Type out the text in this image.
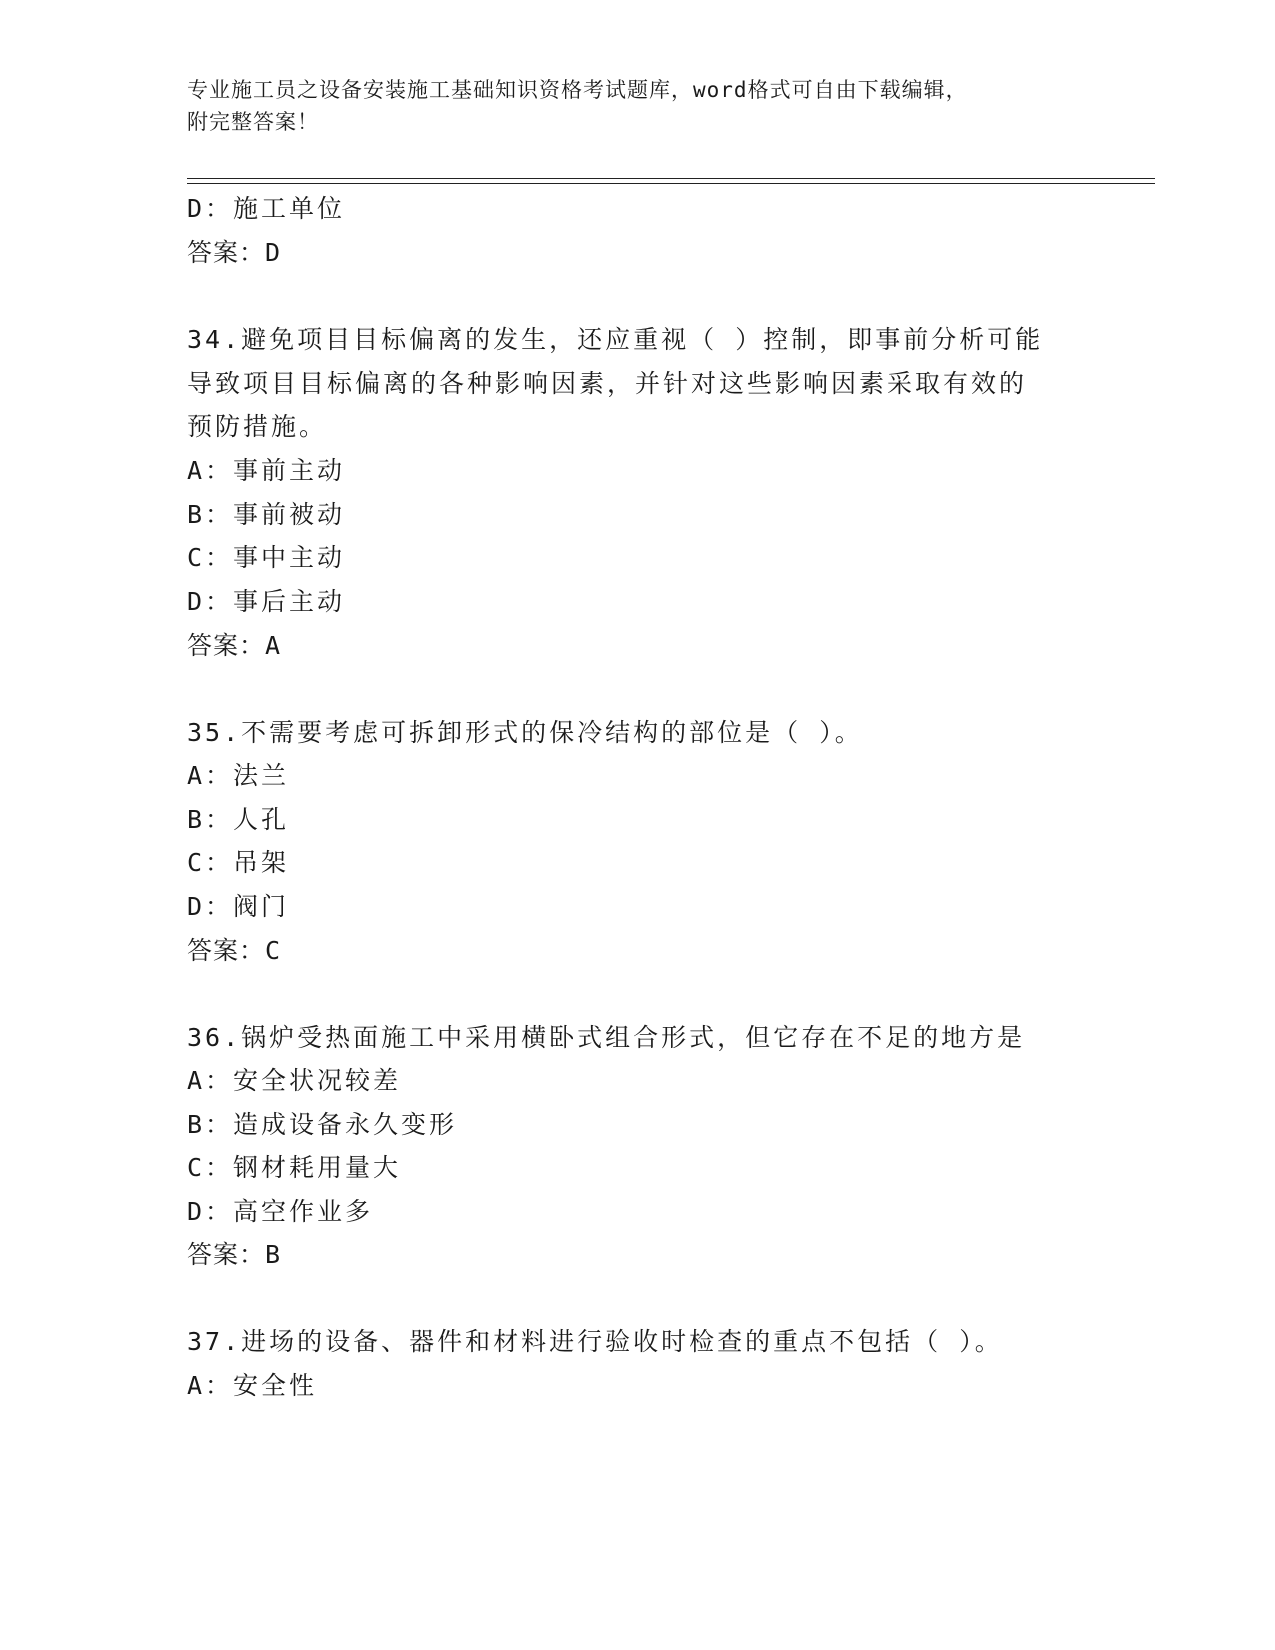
专业施工员之设备安装施工基础知识资格考试题库，word格式可自由下载编辑，
附完整答案！
D：施工单位
答案：D
34.避免项目目标偏离的发生，还应重视（ ）控制，即事前分析可能
导致项目目标偏离的各种影响因素，并针对这些影响因素采取有效的
预防措施。
A：事前主动
B：事前被动
C：事中主动
D：事后主动
答案：A
35.不需要考虑可拆卸形式的保冷结构的部位是（ ）。
A：法兰
B：人孔
C：吊架
D：阀门
答案：C
36.锅炉受热面施工中采用横卧式组合形式，但它存在不足的地方是
A：安全状况较差
B：造成设备永久变形
C：钢材耗用量大
D：高空作业多
答案：B
37.进场的设备、器件和材料进行验收时检查的重点不包括（ ）。
A：安全性
